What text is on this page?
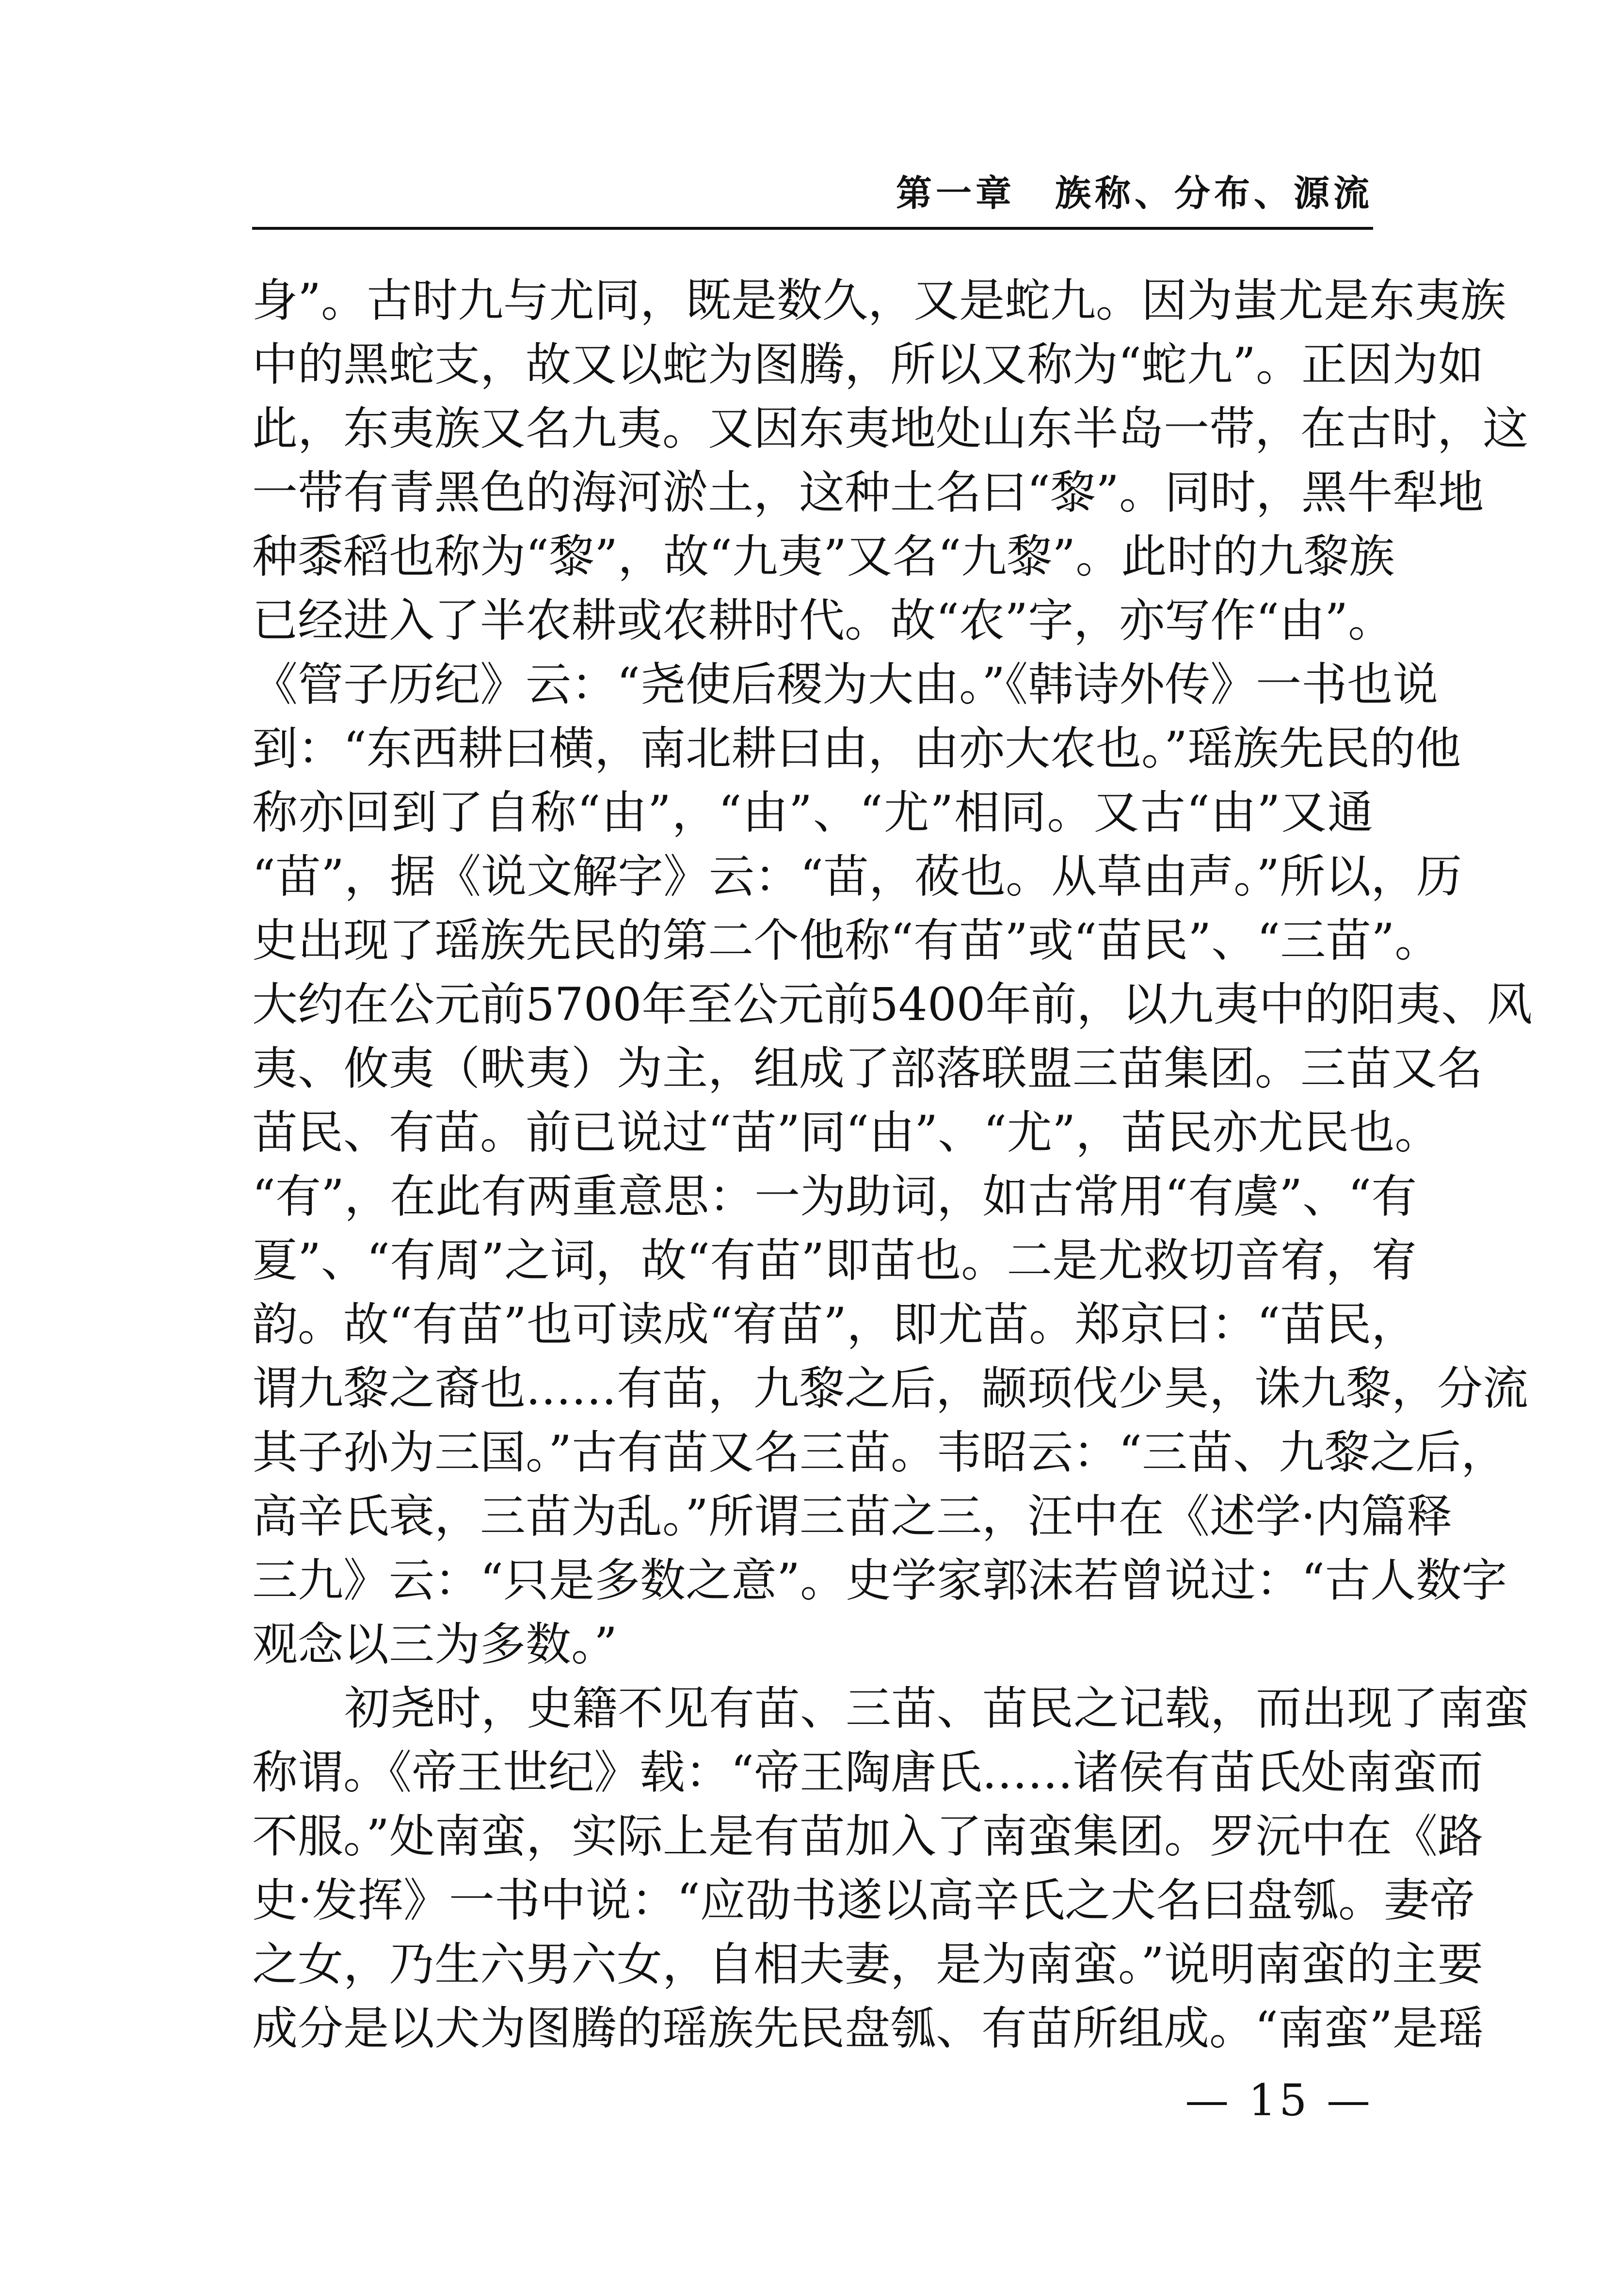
第一章　族称、分布、源流
身”。古时九与尤同，既是数久，又是蛇九。因为蚩尤是东夷族
中的黑蛇支，故又以蛇为图腾，所以又称为“蛇九”。正因为如
此，东夷族又名九夷。又因东夷地处山东半岛一带，在古时，这
一带有青黑色的海河淤土，这种土名曰“黎”。同时，黑牛犁地
种黍稻也称为“黎”，故“九夷”又名“九黎”。此时的九黎族
已经进入了半农耕或农耕时代。故“农”字，亦写作“由”。
《管子历纪》云：“尧使后稷为大由。”《韩诗外传》一书也说
到：“东西耕曰横，南北耕曰由，由亦大农也。”瑶族先民的他
称亦回到了自称“由”，“由”、“尤”相同。又古“由”又通
“苗”，据《说文解字》云：“苗，莜也。从草由声。”所以，历
史出现了瑶族先民的第二个他称“有苗”或“苗民”、“三苗”。
大约在公元前5700年至公元前5400年前，以九夷中的阳夷、风
夷、攸夷（畎夷）为主，组成了部落联盟三苗集团。三苗又名
苗民、有苗。前已说过“苗”同“由”、“尤”，苗民亦尤民也。
“有”，在此有两重意思：一为助词，如古常用“有虞”、“有
夏”、“有周”之词，故“有苗”即苗也。二是尤救切音宥，宥
韵。故“有苗”也可读成“宥苗”，即尤苗。郑京曰：“苗民，
谓九黎之裔也……有苗，九黎之后，颛顼伐少昊，诛九黎，分流
其子孙为三国。”古有苗又名三苗。韦昭云：“三苗、九黎之后，
高辛氏衰，三苗为乱。”所谓三苗之三，汪中在《述学·内篇释
三九》云：“只是多数之意”。史学家郭沫若曾说过：“古人数字
观念以三为多数。”
初尧时，史籍不见有苗、三苗、苗民之记载，而出现了南蛮
称谓。《帝王世纪》载：“帝王陶唐氏……诸侯有苗氏处南蛮而
不服。”处南蛮，实际上是有苗加入了南蛮集团。罗沅中在《路
史·发挥》一书中说：“应劭书遂以高辛氏之犬名曰盘瓠。妻帝
之女，乃生六男六女，自相夫妻，是为南蛮。”说明南蛮的主要
成分是以犬为图腾的瑶族先民盘瓠、有苗所组成。“南蛮”是瑶
— 15 —
